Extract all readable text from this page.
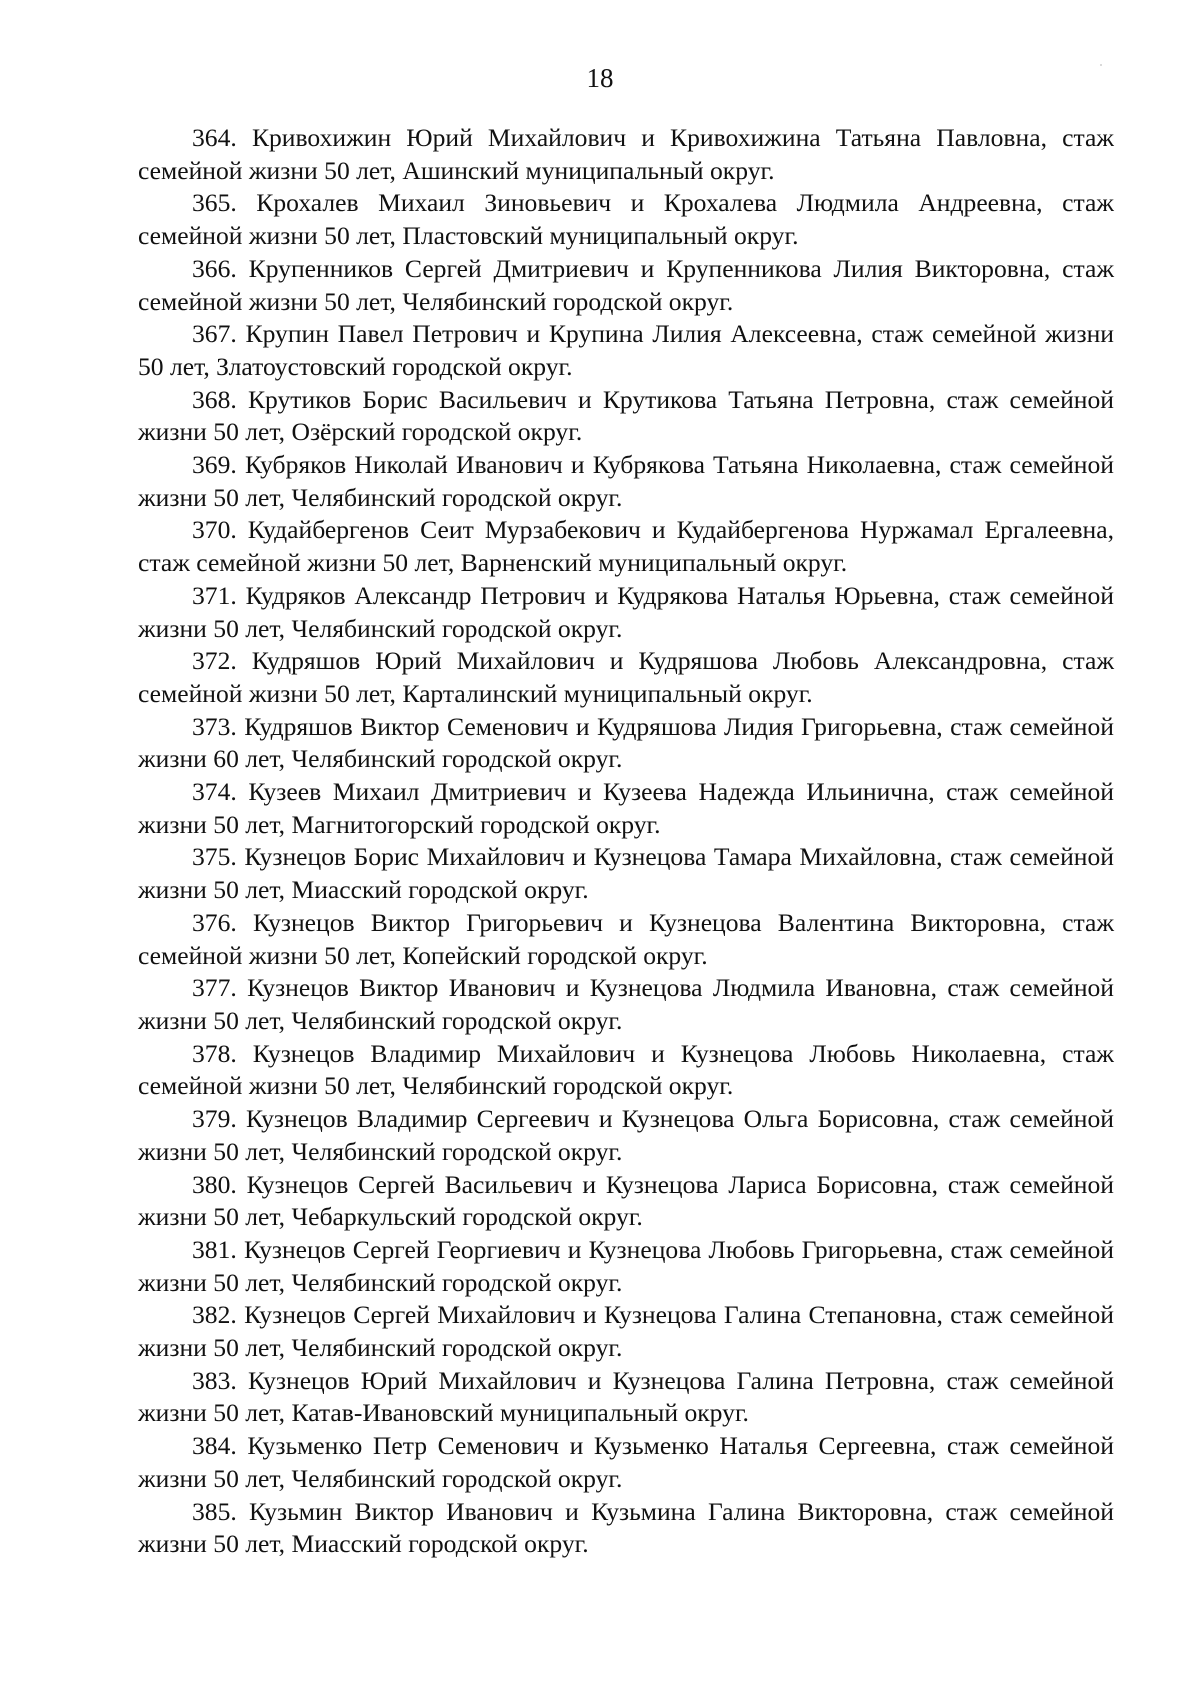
18

364. Кривохижин Юрий Михайлович и Кривохижина Татьяна Павловна, стаж семейной жизни 50 лет, Ашинский муниципальный округ.

365. Крохалев Михаил Зиновьевич и Крохалева Людмила Андреевна, стаж семейной жизни 50 лет, Пластовский муниципальный округ.

366. Крупенников Сергей Дмитриевич и Крупенникова Лилия Викторовна, стаж семейной жизни 50 лет, Челябинский городской округ.

367. Крупин Павел Петрович и Крупина Лилия Алексеевна, стаж семейной жизни 50 лет, Златоустовский городской округ.

368. Крутиков Борис Васильевич и Крутикова Татьяна Петровна, стаж семейной жизни 50 лет, Озёрский городской округ.

369. Кубряков Николай Иванович и Кубрякова Татьяна Николаевна, стаж семейной жизни 50 лет, Челябинский городской округ.

370. Кудайбергенов Сеит Мурзабекович и Кудайбергенова Нуржамал Ергалеевна, стаж семейной жизни 50 лет, Варненский муниципальный округ.

371. Кудряков Александр Петрович и Кудрякова Наталья Юрьевна, стаж семейной жизни 50 лет, Челябинский городской округ.

372. Кудряшов Юрий Михайлович и Кудряшова Любовь Александровна, стаж семейной жизни 50 лет, Карталинский муниципальный округ.

373. Кудряшов Виктор Семенович и Кудряшова Лидия Григорьевна, стаж семейной жизни 60 лет, Челябинский городской округ.

374. Кузеев Михаил Дмитриевич и Кузеева Надежда Ильинична, стаж семейной жизни 50 лет, Магнитогорский городской округ.

375. Кузнецов Борис Михайлович и Кузнецова Тамара Михайловна, стаж семейной жизни 50 лет, Миасский городской округ.

376. Кузнецов Виктор Григорьевич и Кузнецова Валентина Викторовна, стаж семейной жизни 50 лет, Копейский городской округ.

377. Кузнецов Виктор Иванович и Кузнецова Людмила Ивановна, стаж семейной жизни 50 лет, Челябинский городской округ.

378. Кузнецов Владимир Михайлович и Кузнецова Любовь Николаевна, стаж семейной жизни 50 лет, Челябинский городской округ.

379. Кузнецов Владимир Сергеевич и Кузнецова Ольга Борисовна, стаж семейной жизни 50 лет, Челябинский городской округ.

380. Кузнецов Сергей Васильевич и Кузнецова Лариса Борисовна, стаж семейной жизни 50 лет, Чебаркульский городской округ.

381. Кузнецов Сергей Георгиевич и Кузнецова Любовь Григорьевна, стаж семейной жизни 50 лет, Челябинский городской округ.

382. Кузнецов Сергей Михайлович и Кузнецова Галина Степановна, стаж семейной жизни 50 лет, Челябинский городской округ.

383. Кузнецов Юрий Михайлович и Кузнецова Галина Петровна, стаж семейной жизни 50 лет, Катав-Ивановский муниципальный округ.

384. Кузьменко Петр Семенович и Кузьменко Наталья Сергеевна, стаж семейной жизни 50 лет, Челябинский городской округ.

385. Кузьмин Виктор Иванович и Кузьмина Галина Викторовна, стаж семейной жизни 50 лет, Миасский городской округ.
